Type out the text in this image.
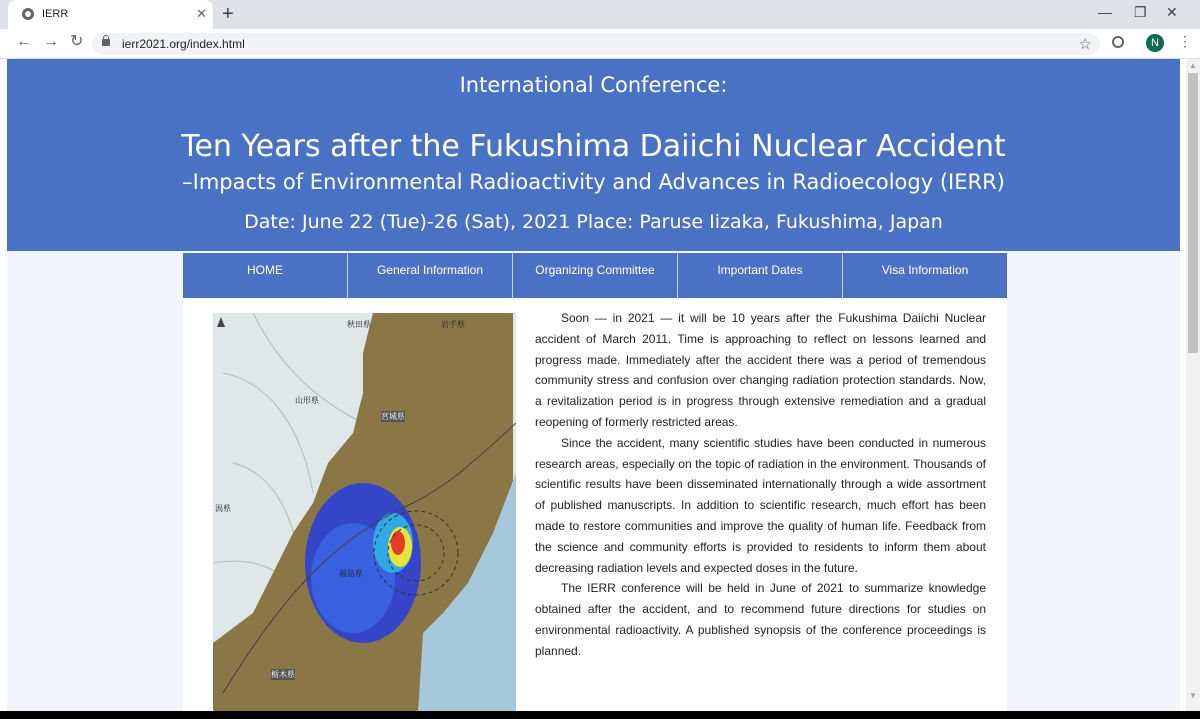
IERR	✕ +	— ❐ ✕
← → ↻	ierr2021.org/index.html	☆	N	⋮
International Conference:
Ten Years after the Fukushima Daiichi Nuclear Accident
–Impacts of Environmental Radioactivity and Advances in Radioecology (IERR)
Date: June 22 (Tue)-26 (Sat), 2021 Place: Paruse Iizaka, Fukushima, Japan
HOME	General Information	Organizing Committee	Important Dates	Visa Information
秋田県	岩手県
山形県
宮城県
福島県
栃木県
潟県

Soon — in 2021 — it will be 10 years after the Fukushima Daiichi Nuclear accident of March 2011. Time is approaching to reflect on lessons learned and progress made. Immediately after the accident there was a period of tremendous community stress and confusion over changing radiation protection standards. Now, a revitalization period is in progress through extensive remediation and a gradual reopening of formerly restricted areas.

Since the accident, many scientific studies have been conducted in numerous research areas, especially on the topic of radiation in the environment. Thousands of scientific results have been disseminated internationally through a wide assortment of published manuscripts. In addition to scientific research, much effort has been made to restore communities and improve the quality of human life. Feedback from the science and community efforts is provided to residents to inform them about decreasing radiation levels and expected doses in the future.

The IERR conference will be held in June of 2021 to summarize knowledge obtained after the accident, and to recommend future directions for studies on environmental radioactivity. A published synopsis of the conference proceedings is planned.

▲
▼
